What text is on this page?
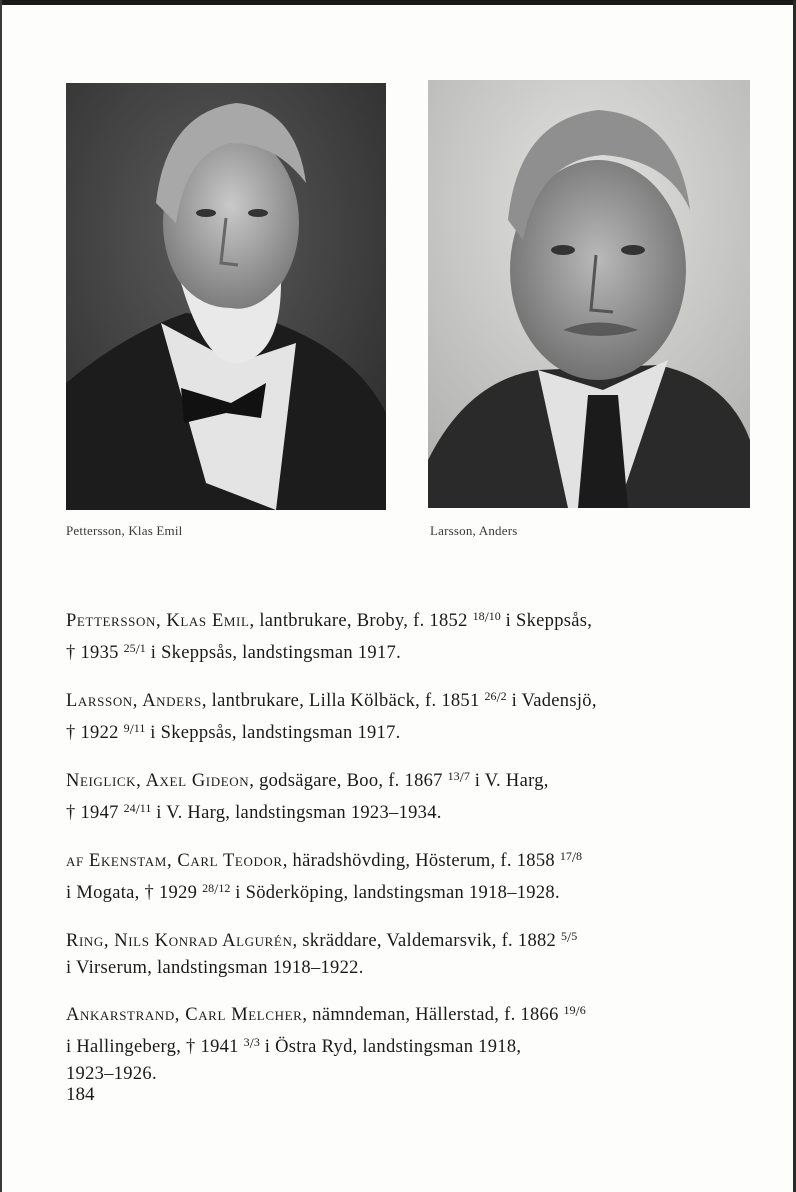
Pettersson, Klas Emil	Larsson, Anders
Pettersson, Klas Emil, lantbrukare, Broby, f. 1852 $^{18/10}$ i Skeppsås,
† 1935 $^{25/1}$ i Skeppsås, landstingsman 1917.
Larsson, Anders, lantbrukare, Lilla Kölbäck, f. 1851 $^{26/2}$ i Vadensjö,
† 1922 $^{9/11}$ i Skeppsås, landstingsman 1917.
Neiglick, Axel Gideon, godsägare, Boo, f. 1867 $^{13/7}$ i V. Harg,
† 1947 $^{24/11}$ i V. Harg, landstingsman 1923–1934.
af Ekenstam, Carl Teodor, häradshövding, Hösterum, f. 1858 $^{17/8}$
i Mogata, † 1929 $^{28/12}$ i Söderköping, landstingsman 1918–1928.
Ring, Nils Konrad Algurén, skräddare, Valdemarsvik, f. 1882 $^{5/5}$
i Virserum, landstingsman 1918–1922.
Ankarstrand, Carl Melcher, nämndeman, Hällerstad, f. 1866 $^{19/6}$
i Hallingeberg, † 1941 $^{3/3}$ i Östra Ryd, landstingsman 1918,
1923–1926.
184
